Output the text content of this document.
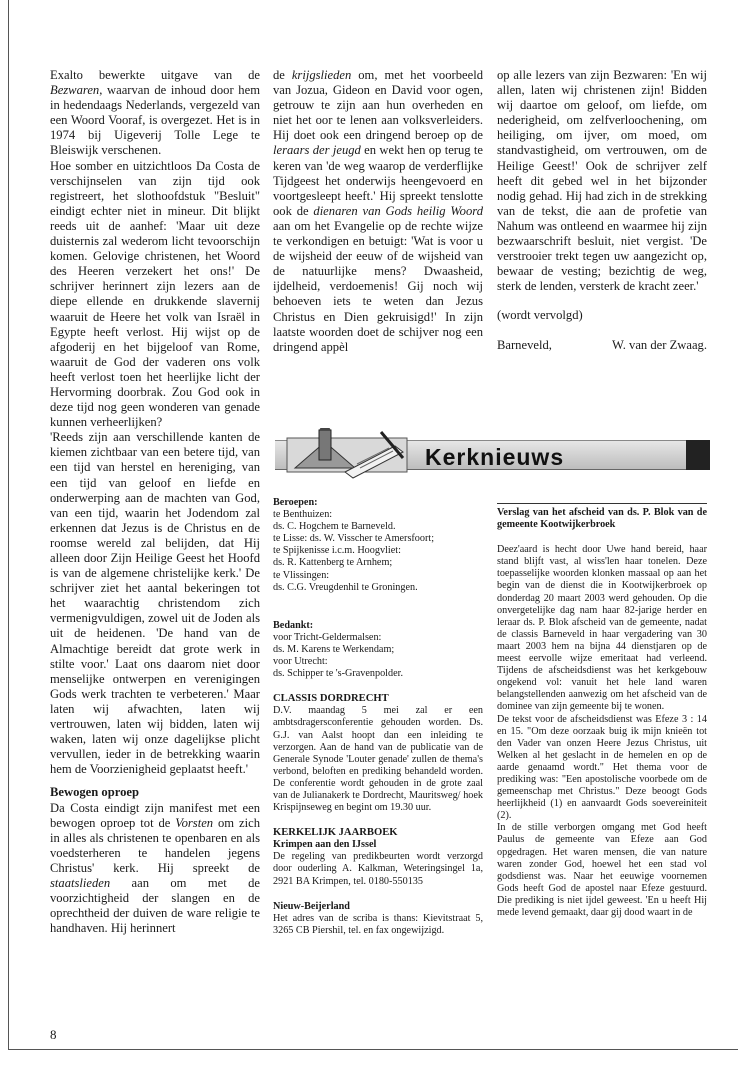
Exalto bewerkte uitgave van de Bezwaren, waarvan de inhoud door hem in hedendaags Nederlands, vergezeld van een Woord Vooraf, is overgezet. Het is in 1974 bij Uigeverij Tolle Lege te Bleiswijk verschenen.

Hoe somber en uitzichtloos Da Costa de verschijnselen van zijn tijd ook registreert, het slothoofdstuk "Besluit" eindigt echter niet in mineur. Dit blijkt reeds uit de aanhef: 'Maar uit deze duisternis zal wederom licht tevoorschijn komen. Gelovige christenen, het Woord des Heeren verzekert het ons!' De schrijver herinnert zijn lezers aan de diepe ellende en drukkende slavernij waaruit de Heere het volk van Israël in Egypte heeft verlost. Hij wijst op de afgoderij en het bijgeloof van Rome, waaruit de God der vaderen ons volk heeft verlost toen het heerlijke licht der Hervorming doorbrak. Zou God ook in deze tijd nog geen wonderen van genade kunnen verheerlijken?

'Reeds zijn aan verschillende kanten de kiemen zichtbaar van een betere tijd, van een tijd van herstel en hereniging, van een tijd van geloof en liefde en onderwerping aan de machten van God, van een tijd, waarin het Jodendom zal erkennen dat Jezus is de Christus en de roomse wereld zal belijden, dat Hij alleen door Zijn Heilige Geest het Hoofd is van de algemene christelijke kerk.' De schrijver ziet het aantal bekeringen tot het waarachtig christendom zich vermenigvuldigen, zowel uit de Joden als uit de heidenen. 'De hand van de Almachtige bereidt dat grote werk in stilte voor.' Laat ons daarom niet door menselijke ontwerpen en verenigingen Gods werk trachten te verbeteren.' Maar laten wij afwachten, laten wij vertrouwen, laten wij bidden, laten wij waken, laten wij onze dagelijkse plicht vervullen, ieder in de betrekking waarin hem de Voorzienigheid geplaatst heeft.'

Bewogen oproep

Da Costa eindigt zijn manifest met een bewogen oproep tot de Vorsten om zich in alles als christenen te openbaren en als voedsterheren te handelen jegens Christus' kerk. Hij spreekt de staatslieden aan om met de voorzichtigheid der slangen en de oprechtheid der duiven de ware religie te handhaven. Hij herinnert

de krijgslieden om, met het voorbeeld van Jozua, Gideon en David voor ogen, getrouw te zijn aan hun overheden en niet het oor te lenen aan volksverleiders. Hij doet ook een dringend beroep op de leraars der jeugd en wekt hen op terug te keren van 'de weg waarop de verderflijke Tijdgeest het onderwijs heengevoerd en voortgesleept heeft.' Hij spreekt tenslotte ook de dienaren van Gods heilig Woord aan om het Evangelie op de rechte wijze te verkondigen en betuigt: 'Wat is voor u de wijsheid der eeuw of de wijsheid van de natuurlijke mens? Dwaasheid, ijdelheid, verdoemenis! Gij noch wij behoeven iets te weten dan Jezus Christus en Dien gekruisigd!' In zijn laatste woorden doet de schijver nog een dringend appèl

op alle lezers van zijn Bezwaren: 'En wij allen, laten wij christenen zijn! Bidden wij daartoe om geloof, om liefde, om nederigheid, om zelfverloochening, om heiliging, om ijver, om moed, om standvastigheid, om vertrouwen, om de Heilige Geest!' Ook de schrijver zelf heeft dit gebed wel in het bijzonder nodig gehad. Hij had zich in de strekking van de tekst, die aan de profetie van Nahum was ontleend en waarmee hij zijn bezwaarschrift besluit, niet vergist. 'De verstrooier trekt tegen uw aangezicht op, bewaar de vesting; bezichtig de weg, sterk de lenden, versterk de kracht zeer.'

(wordt vervolgd)

Barneveld,	W. van der Zwaag.

Kerknieuws

Beroepen:

te Benthuizen:

ds. C. Hogchem te Barneveld.

te Lisse: ds. W. Visscher te Amersfoort;

te Spijkenisse i.c.m. Hoogvliet:

ds. R. Kattenberg te Arnhem;

te Vlissingen:

ds. C.G. Vreugdenhil te Groningen.

Bedankt:

voor Tricht-Geldermalsen:

ds. M. Karens te Werkendam;

voor Utrecht:

ds. Schipper te 's-Gravenpolder.

CLASSIS DORDRECHT

D.V. maandag 5 mei zal er een ambtsdragersconferentie gehouden worden. Ds. G.J. van Aalst hoopt dan een inleiding te verzorgen. Aan de hand van de publicatie van de Generale Synode 'Louter genade' zullen de thema's verbond, beloften en prediking behandeld worden. De conferentie wordt gehouden in de grote zaal van de Julianakerk te Dordrecht, Mauritsweg/ hoek Krispijnseweg en begint om 19.30 uur.

KERKELIJK JAARBOEK

Krimpen aan den IJssel

De regeling van predikbeurten wordt verzorgd door ouderling A. Kalkman, Weteringsingel 1a, 2921 BA Krimpen, tel. 0180-550135

Nieuw-Beijerland

Het adres van de scriba is thans: Kievitstraat 5, 3265 CB Piershil, tel. en fax ongewijzigd.

Verslag van het afscheid van ds. P. Blok van de gemeente Kootwijkerbroek

Deez'aard is hecht door Uwe hand bereid, haar stand blijft vast, al wiss'len haar tonelen. Deze toepasselijke woorden klonken massaal op aan het begin van de dienst die in Kootwijkerbroek op donderdag 20 maart 2003 werd gehouden. Op die onvergetelijke dag nam haar 82-jarige herder en leraar ds. P. Blok afscheid van de gemeente, nadat de classis Barneveld in haar vergadering van 30 maart 2003 hem na bijna 44 dienstjaren op de meest eervolle wijze emeritaat had verleend. Tijdens de afscheidsdienst was het kerkgebouw ongekend vol: vanuit het hele land waren belangstellenden aanwezig om het afscheid van de dominee van zijn gemeente bij te wonen.

De tekst voor de afscheidsdienst was Efeze 3 : 14 en 15. "Om deze oorzaak buig ik mijn knieën tot den Vader van onzen Heere Jezus Christus, uit Welken al het geslacht in de hemelen en op de aarde genaamd wordt." Het thema voor de prediking was: "Een apostolische voorbede om de gemeenschap met Christus." Deze beoogt Gods heerlijkheid (1) en aanvaardt Gods soevereiniteit (2).

In de stille verborgen omgang met God heeft Paulus de gemeente van Efeze aan God opgedragen. Het waren mensen, die van nature waren zonder God, hoewel het een stad vol godsdienst was. Naar het eeuwige voornemen Gods heeft God de apostel naar Efeze gestuurd. Die prediking is niet ijdel geweest. 'En u heeft Hij mede levend gemaakt, daar gij dood waart in de

8
